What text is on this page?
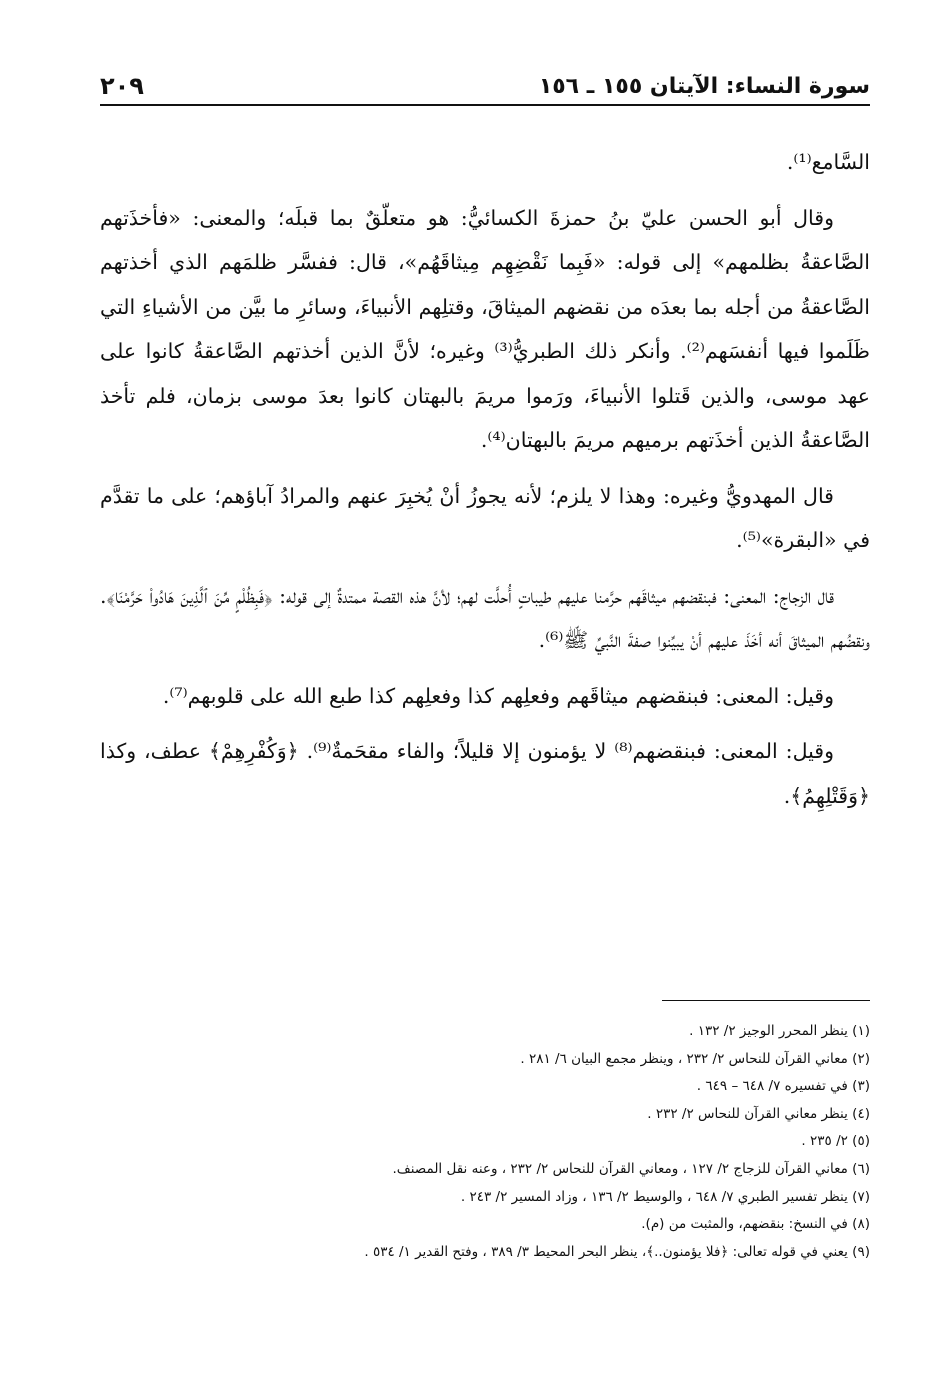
سورة النساء: الآيتان ١٥٥ ـ ١٥٦
٢٠٩

السَّامع⁽¹⁾.

وقال أبو الحسن عليّ بنُ حمزةَ الكسائيُّ: هو متعلّقٌ بما قبلَه؛ والمعنى: «فأخذَتهم الصَّاعقةُ بظلمهم» إلى قوله: «فَبِما نَقْضِهِم مِيثاقَهُم»، قال: ففسَّر ظلمَهم الذي أخذتهم الصَّاعقةُ من أجله بما بعدَه من نقضهم الميثاقَ، وقتلِهم الأنبياءَ، وسائرِ ما بيَّن من الأشياءِ التي ظَلَموا فيها أنفسَهم⁽²⁾. وأنكر ذلك الطبريُّ⁽³⁾ وغيره؛ لأنَّ الذين أخذتهم الصَّاعقةُ كانوا على عهد موسى، والذين قَتلوا الأنبياءَ، ورَموا مريمَ بالبهتان كانوا بعدَ موسى بزمان، فلم تأخذ الصَّاعقةُ الذين أخذَتهم برميهم مريمَ بالبهتان⁽⁴⁾.

قال المهدويُّ وغيره: وهذا لا يلزم؛ لأنه يجوزُ أنْ يُخبِرَ عنهم والمرادُ آباؤهم؛ على ما تقدَّم في «البقرة»⁽⁵⁾.

قال الزجاج: المعنى: فبنقضهم ميثاقَهم حرَّمنا عليهم طيباتٍ أُحلَّت لهم؛ لأنَّ هذه القصة ممتدةٌ إلى قوله: ﴿فَبِظُلْمٍ مِّنَ ٱلَّذِينَ هَادُوا۟ حَرَّمْنَا﴾. ونقضُهم الميثاقَ أنه أخَذَ عليهم أنْ يبيِّنوا صفةَ النَّبيِّ ﷺ⁽⁶⁾.

وقيل: المعنى: فبنقضهم ميثاقَهم وفعلِهم كذا وفعلِهم كذا طبع الله على قلوبهم⁽⁷⁾.

وقيل: المعنى: فبنقضهم⁽⁸⁾ لا يؤمنون إلا قليلاً؛ والفاء مقحَمةٌ⁽⁹⁾. ﴿وَكُفْرِهِمْ﴾ عطف، وكذا ﴿وَقَتْلِهِمُ﴾.

(١) ينظر المحرر الوجيز ٢/ ١٣٢ .
(٢) معاني القرآن للنحاس ٢/ ٢٣٢ ، وينظر مجمع البيان ٦/ ٢٨١ .
(٣) في تفسيره ٧/ ٦٤٨ – ٦٤٩ .
(٤) ينظر معاني القرآن للنحاس ٢/ ٢٣٢ .
(٥) ٢/ ٢٣٥ .
(٦) معاني القرآن للزجاج ٢/ ١٢٧ ، ومعاني القرآن للنحاس ٢/ ٢٣٢ ، وعنه نقل المصنف.
(٧) ينظر تفسير الطبري ٧/ ٦٤٨ ، والوسيط ٢/ ١٣٦ ، وزاد المسير ٢/ ٢٤٣ .
(٨) في النسخ: بنقضهم، والمثبت من (م).
(٩) يعني في قوله تعالى: ﴿فلا يؤمنون..﴾، ينظر البحر المحيط ٣/ ٣٨٩ ، وفتح القدير ١/ ٥٣٤ .
